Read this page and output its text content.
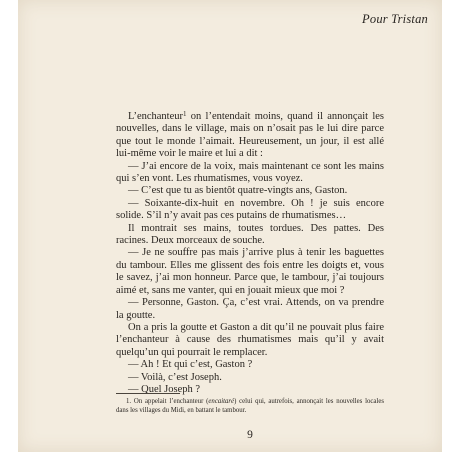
Pour Tristan

L’enchanteur$^1$ on l’entendait moins, quand il annonçait les nouvelles, dans le village, mais on n’osait pas le lui dire parce que tout le monde l’aimait. Heureusement, un jour, il est allé lui-même voir le maire et lui a dit :

— J’ai encore de la voix, mais maintenant ce sont les mains qui s’en vont. Les rhumatismes, vous voyez.

— C’est que tu as bientôt quatre-vingts ans, Gaston.

— Soixante-dix-huit en novembre. Oh ! je suis encore solide. S’il n’y avait pas ces putains de rhumatismes…

Il montrait ses mains, toutes tordues. Des pattes. Des racines. Deux morceaux de souche.

— Je ne souffre pas mais j’arrive plus à tenir les baguettes du tambour. Elles me glissent des fois entre les doigts et, vous le savez, j’ai mon honneur. Parce que, le tambour, j’ai toujours aimé et, sans me vanter, qui en jouait mieux que moi ?

— Personne, Gaston. Ça, c’est vrai. Attends, on va prendre la goutte.

On a pris la goutte et Gaston a dit qu’il ne pouvait plus faire l’enchanteur à cause des rhumatismes mais qu’il y avait quelqu’un qui pourrait le remplacer.

— Ah ! Et qui c’est, Gaston ?

— Voilà, c’est Joseph.

— Quel Joseph ?

1. On appelait l’enchanteur (encaitaré) celui qui, autrefois, annonçait les nouvelles locales dans les villages du Midi, en battant le tambour.

9
